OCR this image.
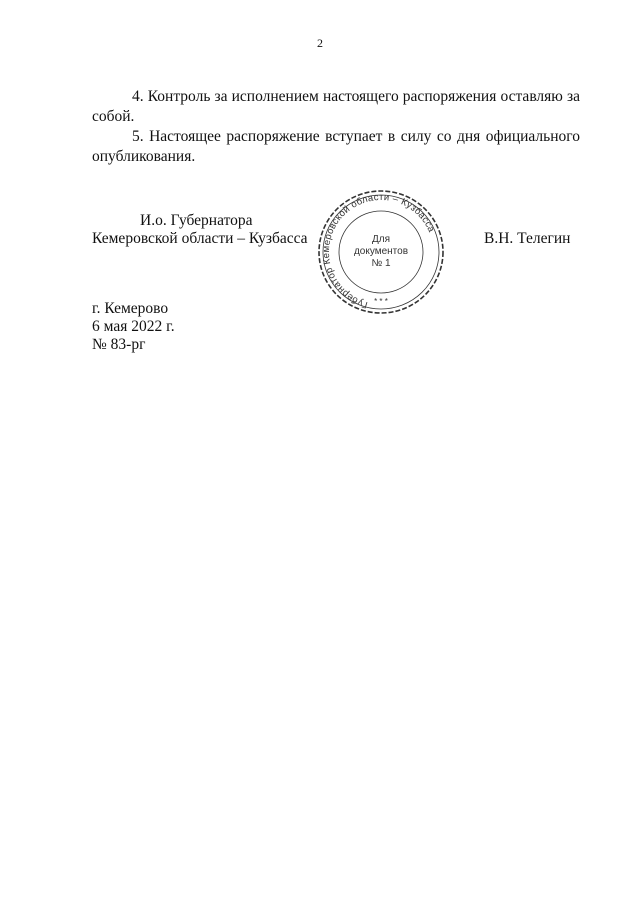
2

4. Контроль за исполнением настоящего распоряжения оставляю за собой.

5. Настоящее распоряжение вступает в силу со дня официального опубликования.

И.о. Губернатора
Кемеровской области – Кузбасса
Губернатор Кемеровской области – Кузбасса
Для
документов
№ 1
* * *
В.Н. Телегин
г. Кемерово
6 мая 2022 г.
№ 83-рг
